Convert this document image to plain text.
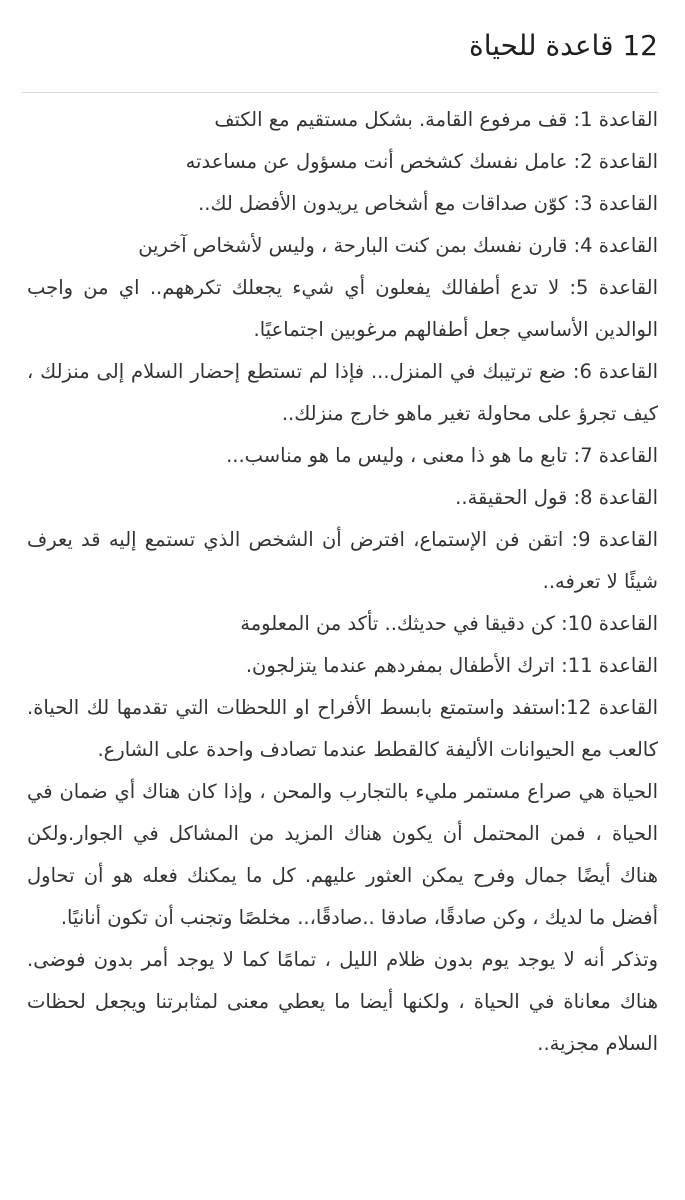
12 قاعدة للحياة

القاعدة 1: قف مرفوع القامة. بشكل مستقيم مع الكتف

القاعدة 2: عامل نفسك كشخص أنت مسؤول عن مساعدته

القاعدة 3: كوّن صداقات مع أشخاص يريدون الأفضل لك..

القاعدة 4: قارن نفسك بمن كنت البارحة ، وليس لأشخاص آخرين

القاعدة 5: لا تدع أطفالك يفعلون أي شيء يجعلك تكرههم.. اي من واجب الوالدين الأساسي جعل أطفالهم مرغوبين اجتماعيًا.

القاعدة 6: ضع ترتيبك في المنزل... فإذا لم تستطع إحضار السلام إلى منزلك ، كيف تجرؤ على محاولة تغير ماهو خارج منزلك..

القاعدة 7: تابع ما هو ذا معنى ، وليس ما هو مناسب...

القاعدة 8: قول الحقيقة..

القاعدة 9: اتقن فن الإستماع، افترض أن الشخص الذي تستمع إليه قد يعرف شيئًا لا تعرفه..

القاعدة 10: كن دقيقا في حديثك.. تأكد من المعلومة

القاعدة 11: اترك الأطفال بمفردهم عندما يتزلجون.

القاعدة 12:استفد واستمتع بابسط الأفراح او اللحظات التي تقدمها لك الحياة. كالعب مع الحيوانات الأليفة كالقطط عندما تصادف واحدة على الشارع.

الحياة هي صراع مستمر مليء بالتجارب والمحن ، وإذا كان هناك أي ضمان في الحياة ، فمن المحتمل أن يكون هناك المزيد من المشاكل في الجوار.ولكن هناك أيضًا جمال وفرح يمكن العثور عليهم. كل ما يمكنك فعله هو أن تحاول أفضل ما لديك ، وكن صادقًا، صادقا ..صادقًا،.. مخلصًا وتجنب أن تكون أنانيًا.

وتذكر أنه لا يوجد يوم بدون ظلام الليل ، تمامًا كما لا يوجد أمر بدون فوضى. هناك معاناة في الحياة ، ولكنها أيضا ما يعطي معنى لمثابرتنا ويجعل لحظات السلام مجزية..
